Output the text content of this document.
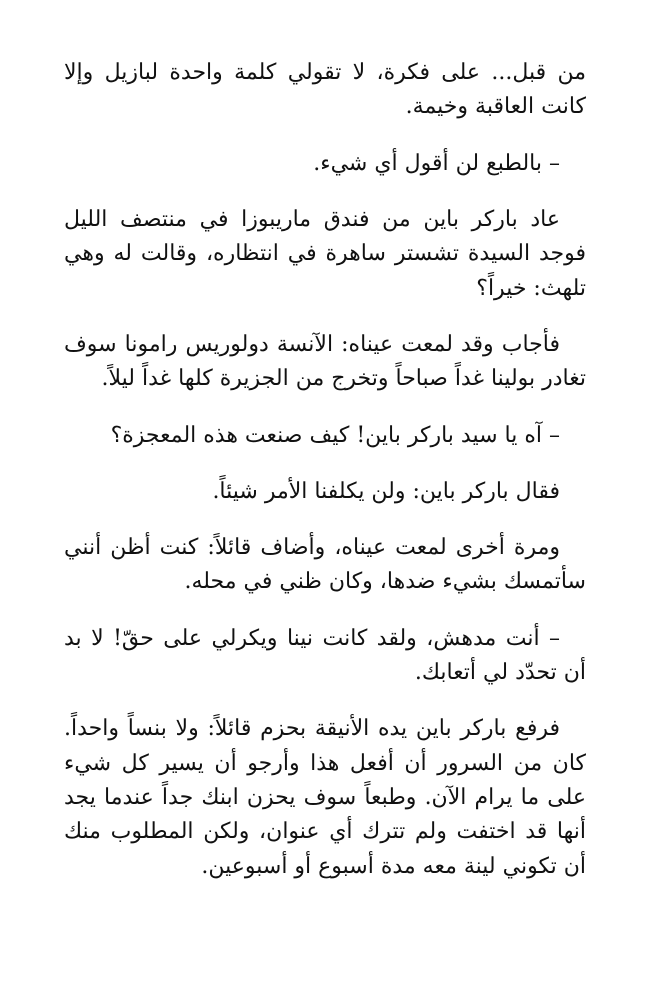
من قبل... على فكرة، لا تقولي كلمة واحدة لبازيل وإلا كانت العاقبة وخيمة.

– بالطبع لن أقول أي شيء.

عاد باركر باين من فندق ماريبوزا في منتصف الليل فوجد السيدة تشستر ساهرة في انتظاره، وقالت له وهي تلهث: خيراً؟

فأجاب وقد لمعت عيناه: الآنسة دولوريس رامونا سوف تغادر بولينا غداً صباحاً وتخرج من الجزيرة كلها غداً ليلاً.

– آه يا سيد باركر باين! كيف صنعت هذه المعجزة؟

فقال باركر باين: ولن يكلفنا الأمر شيئاً.

ومرة أخرى لمعت عيناه، وأضاف قائلاً: كنت أظن أنني سأتمسك بشيء ضدها، وكان ظني في محله.

– أنت مدهش، ولقد كانت نينا ويكرلي على حقّ! لا بد أن تحدّد لي أتعابك.

فرفع باركر باين يده الأنيقة بحزم قائلاً: ولا بنساً واحداً. كان من السرور أن أفعل هذا وأرجو أن يسير كل شيء على ما يرام الآن. وطبعاً سوف يحزن ابنك جداً عندما يجد أنها قد اختفت ولم تترك أي عنوان، ولكن المطلوب منك أن تكوني لينة معه مدة أسبوع أو أسبوعين.
